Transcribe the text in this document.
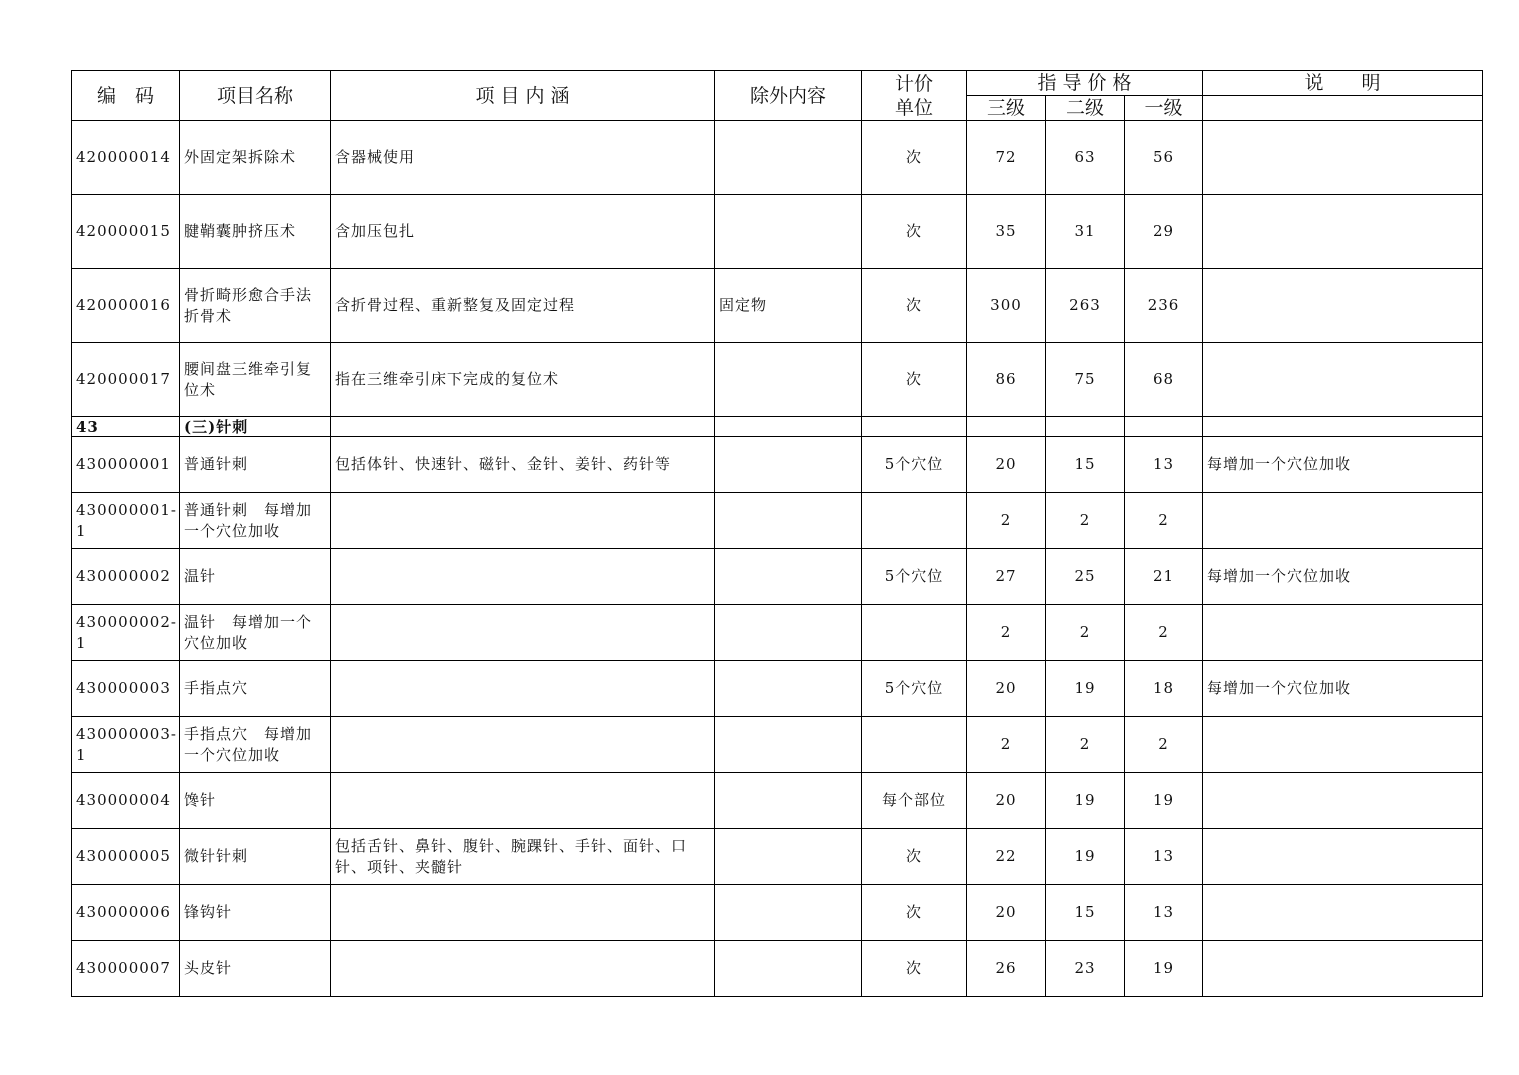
编　码	项目名称	项 目 内 涵	除外内容	计价单位	指 导 价 格			说　　明
					三级	二级	一级	
420000014	外固定架拆除术	含器械使用		次	72	63	56	
420000015	腱鞘囊肿挤压术	含加压包扎		次	35	31	29	
420000016	骨折畸形愈合手法折骨术	含折骨过程、重新整复及固定过程	固定物	次	300	263	236	
420000017	腰间盘三维牵引复位术	指在三维牵引床下完成的复位术		次	86	75	68	
43	(三)针刺							
430000001	普通针刺	包括体针、快速针、磁针、金针、姜针、药针等		5个穴位	20	15	13	每增加一个穴位加收
430000001-1	普通针刺　每增加一个穴位加收				2	2	2	
430000002	温针			5个穴位	27	25	21	每增加一个穴位加收
430000002-1	温针　每增加一个穴位加收				2	2	2	
430000003	手指点穴			5个穴位	20	19	18	每增加一个穴位加收
430000003-1	手指点穴　每增加一个穴位加收				2	2	2	
430000004	馋针			每个部位	20	19	19	
430000005	微针针刺	包括舌针、鼻针、腹针、腕踝针、手针、面针、口针、项针、夹髓针		次	22	19	13	
430000006	锋钩针			次	20	15	13	
430000007	头皮针			次	26	23	19	
